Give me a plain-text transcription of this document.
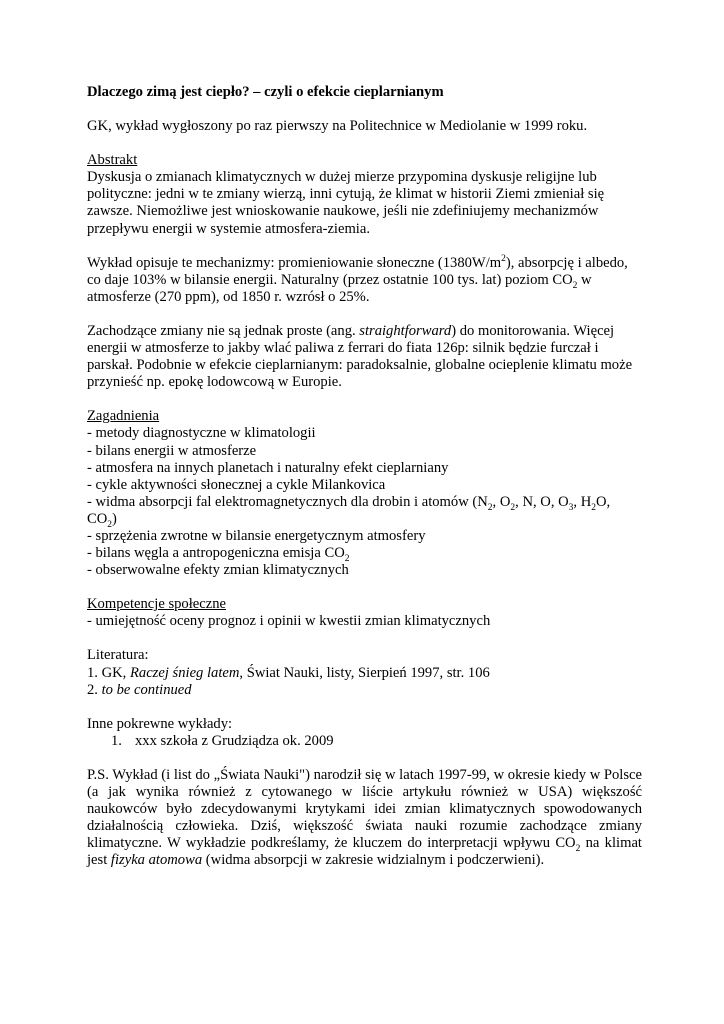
Dlaczego zimą jest ciepło? – czyli o efekcie cieplarnianym

GK, wykład wygłoszony po raz pierwszy na Politechnice w Mediolanie w 1999 roku.

Abstrakt

Dyskusja o zmianach klimatycznych w dużej mierze przypomina dyskusje religijne lub polityczne: jedni w te zmiany wierzą, inni cytują, że klimat w historii Ziemi zmieniał się zawsze. Niemożliwe jest wnioskowanie naukowe, jeśli nie zdefiniujemy mechanizmów przepływu energii w systemie atmosfera-ziemia.

Wykład opisuje te mechanizmy: promieniowanie słoneczne $(1380W/m^2)$, absorpcję i albedo, co daje 103% w bilansie energii. Naturalny (przez ostatnie 100 tys. lat) poziom $CO_2$ w atmosferze (270 ppm), od 1850 r. wzrósł o 25%.

Zachodzące zmiany nie są jednak proste (ang. straightforward) do monitorowania. Więcej energii w atmosferze to jakby wlać paliwa z ferrari do fiata 126p: silnik będzie furczał i parskał. Podobnie w efekcie cieplarnianym: paradoksalnie, globalne ocieplenie klimatu może przynieść np. epokę lodowcową w Europie.

Zagadnienia

- metody diagnostyczne w klimatologii

- bilans energii w atmosferze

- atmosfera na innych planetach i naturalny efekt cieplarniany

- cykle aktywności słonecznej a cykle Milankovica

- widma absorpcji fal elektromagnetycznych dla drobin i atomów ($N_2$, $O_2$, N, O, $O_3$, $H_2O$,
$CO_2$)

- sprzężenia zwrotne w bilansie energetycznym atmosfery

- bilans węgla a antropogeniczna emisja $CO_2$

- obserwowalne efekty zmian klimatycznych

Kompetencje społeczne

- umiejętność oceny prognoz i opinii w kwestii zmian klimatycznych

Literatura:

1. GK, Raczej śnieg latem, Świat Nauki, listy, Sierpień 1997, str. 106

2. to be continued

Inne pokrewne wykłady:

1. xxx szkoła z Grudziądza ok. 2009

P.S. Wykład (i list do „Świata Nauki") narodził się w latach 1997-99, w okresie kiedy w Polsce (a jak wynika również z cytowanego w liście artykułu również w USA) większość naukowców było zdecydowanymi krytykami idei zmian klimatycznych spowodowanych działalnością człowieka. Dziś, większość świata nauki rozumie zachodzące zmiany klimatyczne. W wykładzie podkreślamy, że kluczem do interpretacji wpływu $CO_2$ na klimat jest fizyka atomowa (widma absorpcji w zakresie widzialnym i podczerwieni).
